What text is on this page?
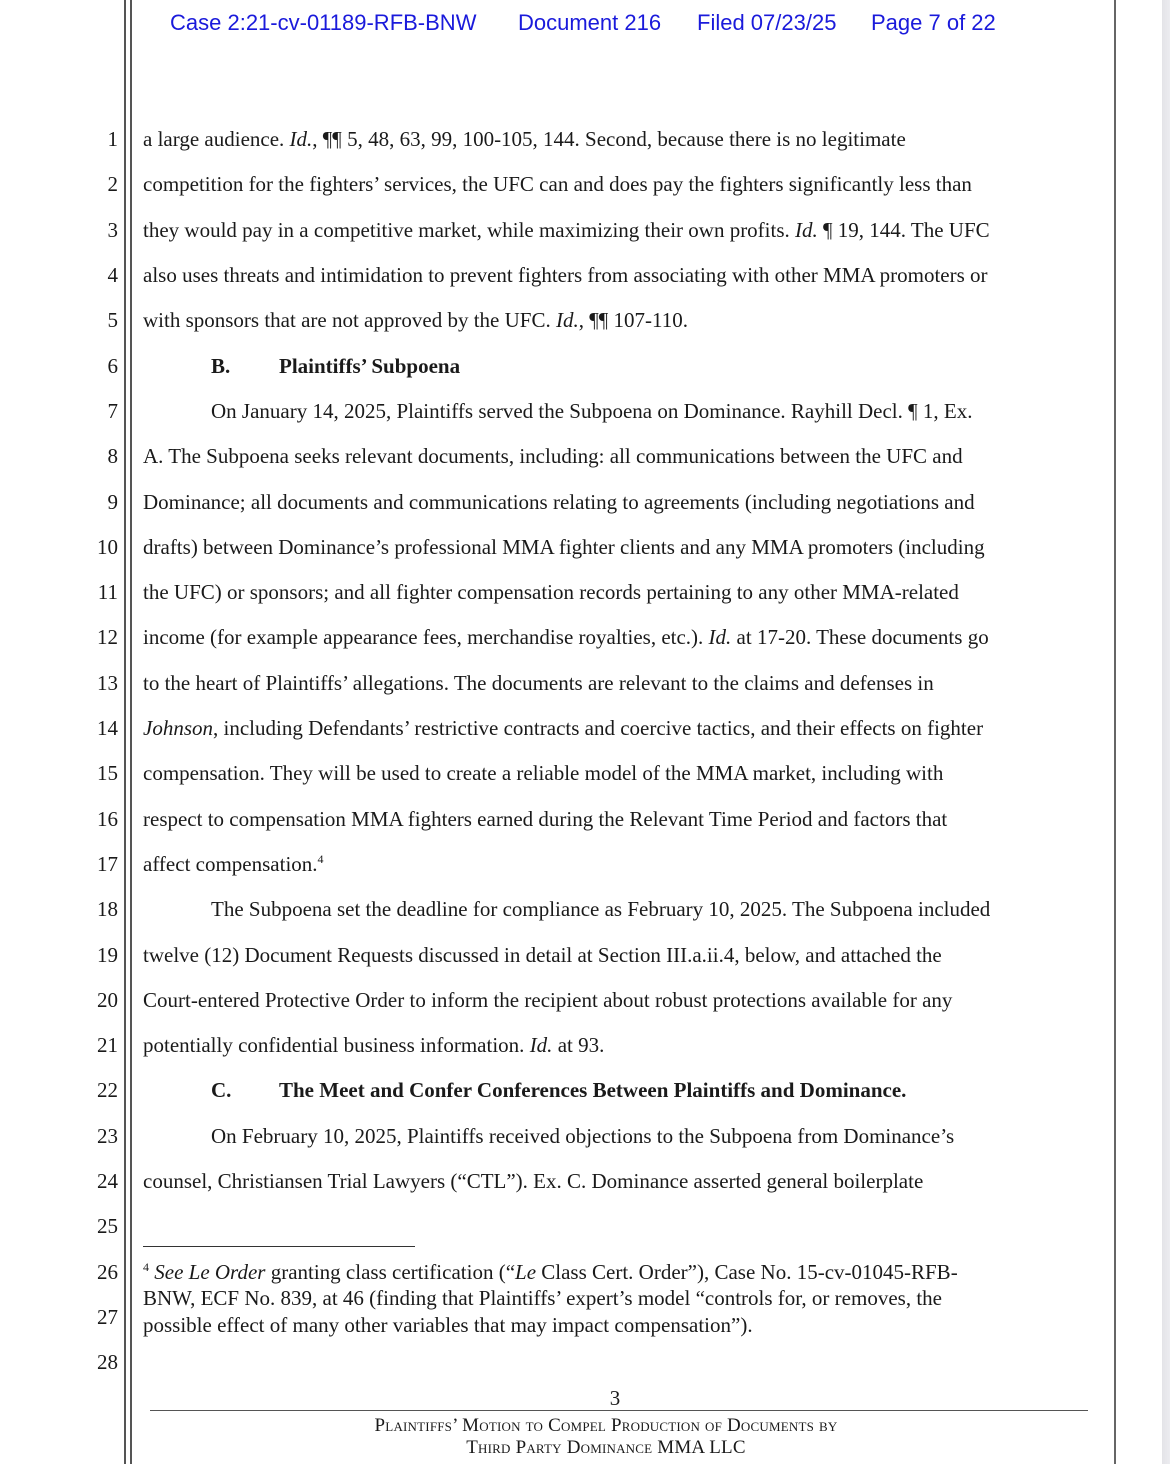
Case 2:21-cv-01189-RFB-BNW Document 216 Filed 07/23/25 Page 7 of 22
1
2
3
4
5
6
7
8
9
10
11
12
13
14
15
16
17
18
19
20
21
22
23
24
25
26
27
28
a large audience. Id., ¶¶ 5, 48, 63, 99, 100-105, 144. Second, because there is no legitimate
competition for the fighters’ services, the UFC can and does pay the fighters significantly less than
they would pay in a competitive market, while maximizing their own profits. Id. ¶ 19, 144. The UFC
also uses threats and intimidation to prevent fighters from associating with other MMA promoters or
with sponsors that are not approved by the UFC. Id., ¶¶ 107-110.
B. Plaintiffs’ Subpoena
On January 14, 2025, Plaintiffs served the Subpoena on Dominance. Rayhill Decl. ¶ 1, Ex.
A. The Subpoena seeks relevant documents, including: all communications between the UFC and
Dominance; all documents and communications relating to agreements (including negotiations and
drafts) between Dominance’s professional MMA fighter clients and any MMA promoters (including
the UFC) or sponsors; and all fighter compensation records pertaining to any other MMA-related
income (for example appearance fees, merchandise royalties, etc.). Id. at 17-20. These documents go
to the heart of Plaintiffs’ allegations. The documents are relevant to the claims and defenses in
Johnson, including Defendants’ restrictive contracts and coercive tactics, and their effects on fighter
compensation. They will be used to create a reliable model of the MMA market, including with
respect to compensation MMA fighters earned during the Relevant Time Period and factors that
affect compensation.$^4$
The Subpoena set the deadline for compliance as February 10, 2025. The Subpoena included
twelve (12) Document Requests discussed in detail at Section III.a.ii.4, below, and attached the
Court-entered Protective Order to inform the recipient about robust protections available for any
potentially confidential business information. Id. at 93.
C. The Meet and Confer Conferences Between Plaintiffs and Dominance.
On February 10, 2025, Plaintiffs received objections to the Subpoena from Dominance’s
counsel, Christiansen Trial Lawyers (“CTL”). Ex. C. Dominance asserted general boilerplate
$^4$ See Le Order granting class certification (“Le Class Cert. Order”), Case No. 15-cv-01045-RFB-
BNW, ECF No. 839, at 46 (finding that Plaintiffs’ expert’s model “controls for, or removes, the
possible effect of many other variables that may impact compensation”).
3
Plaintiffs’ Motion to Compel Production of Documents by
Third Party Dominance MMA LLC
